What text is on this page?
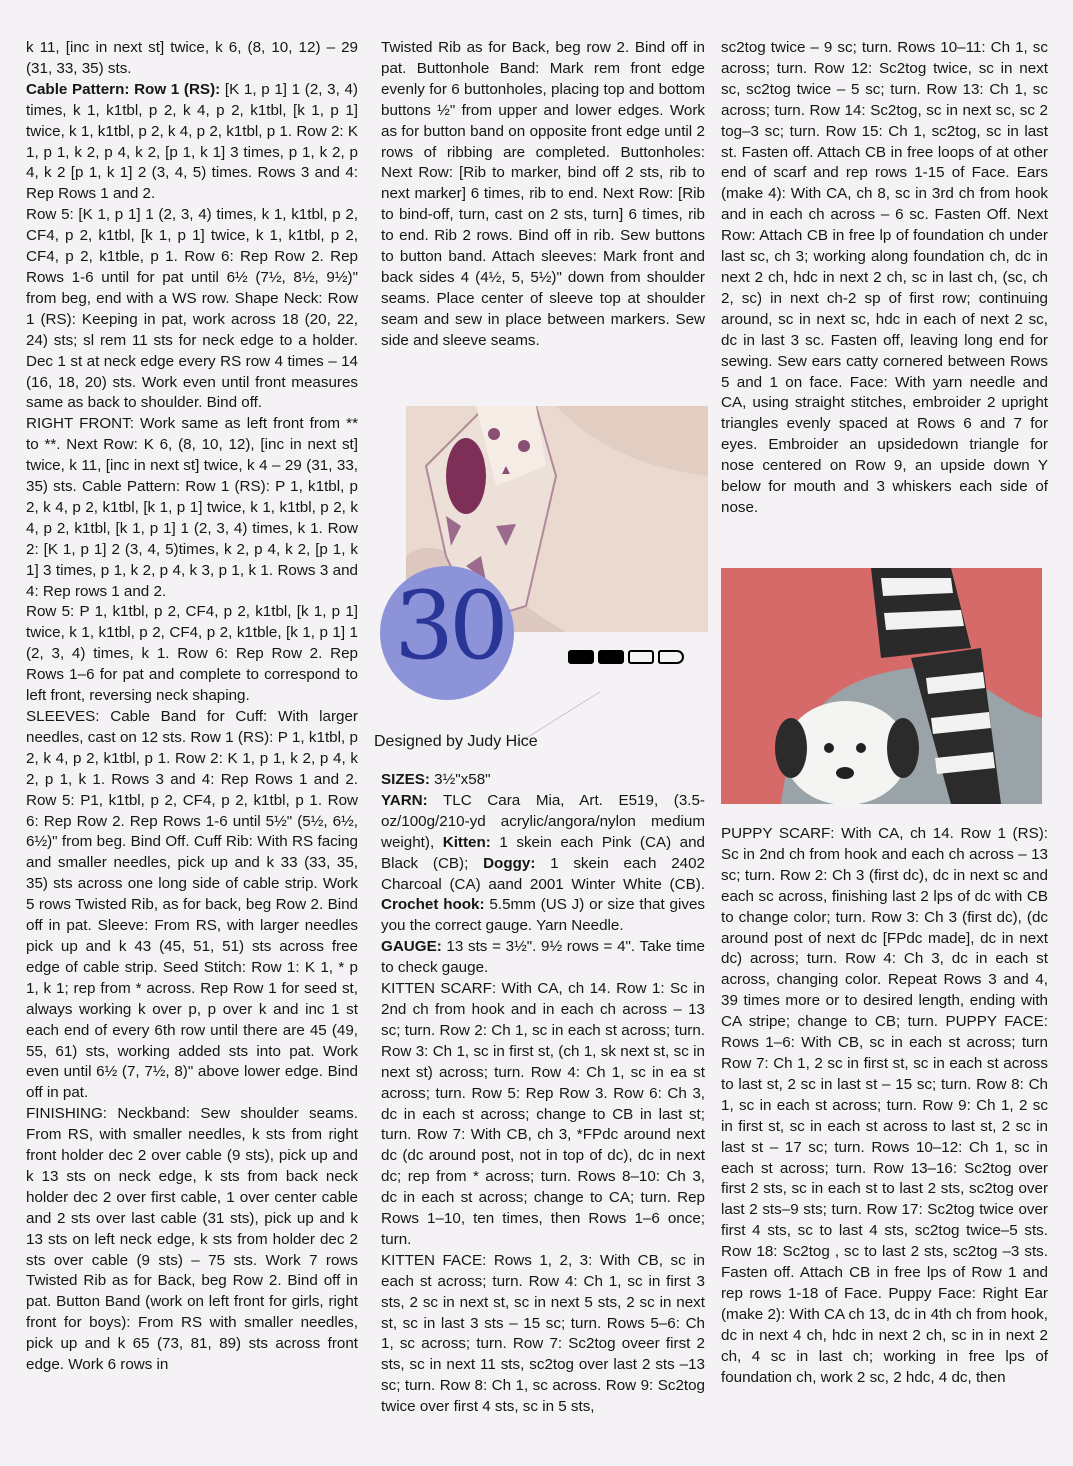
k 11, [inc in next st] twice, k 6, (8, 10, 12) – 29 (31, 33, 35) sts.

Cable Pattern: Row 1 (RS): [K 1, p 1] 1 (2, 3, 4) times, k 1, k1tbl, p 2, k 4, p 2, k1tbl, [k 1, p 1] twice, k 1, k1tbl, p 2, k 4, p 2, k1tbl, p 1. Row 2: K 1, p 1, k 2, p 4, k 2, [p 1, k 1] 3 times, p 1, k 2, p 4, k 2 [p 1, k 1] 2 (3, 4, 5) times. Rows 3 and 4: Rep Rows 1 and 2.

Row 5: [K 1, p 1] 1 (2, 3, 4) times, k 1, k1tbl, p 2, CF4, p 2, k1tbl, [k 1, p 1] twice, k 1, k1tbl, p 2, CF4, p 2, k1tble, p 1. Row 6: Rep Row 2. Rep Rows 1-6 until for pat until 6½ (7½, 8½, 9½)" from beg, end with a WS row. Shape Neck: Row 1 (RS): Keeping in pat, work across 18 (20, 22, 24) sts; sl rem 11 sts for neck edge to a holder. Dec 1 st at neck edge every RS row 4 times – 14 (16, 18, 20) sts. Work even until front measures same as back to shoulder. Bind off.

RIGHT FRONT: Work same as left front from ** to **. Next Row: K 6, (8, 10, 12), [inc in next st] twice, k 11, [inc in next st] twice, k 4 – 29 (31, 33, 35) sts. Cable Pattern: Row 1 (RS): P 1, k1tbl, p 2, k 4, p 2, k1tbl, [k 1, p 1] twice, k 1, k1tbl, p 2, k 4, p 2, k1tbl, [k 1, p 1] 1 (2, 3, 4) times, k 1. Row 2: [K 1, p 1] 2 (3, 4, 5)times, k 2, p 4, k 2, [p 1, k 1] 3 times, p 1, k 2, p 4, k 3, p 1, k 1. Rows 3 and 4: Rep rows 1 and 2.

Row 5: P 1, k1tbl, p 2, CF4, p 2, k1tbl, [k 1, p 1] twice, k 1, k1tbl, p 2, CF4, p 2, k1tble, [k 1, p 1] 1 (2, 3, 4) times, k 1. Row 6: Rep Row 2. Rep Rows 1–6 for pat and complete to correspond to left front, reversing neck shaping.

SLEEVES: Cable Band for Cuff: With larger needles, cast on 12 sts. Row 1 (RS): P 1, k1tbl, p 2, k 4, p 2, k1tbl, p 1. Row 2: K 1, p 1, k 2, p 4, k 2, p 1, k 1. Rows 3 and 4: Rep Rows 1 and 2. Row 5: P1, k1tbl, p 2, CF4, p 2, k1tbl, p 1. Row 6: Rep Row 2. Rep Rows 1-6 until 5½" (5½, 6½, 6½)" from beg. Bind Off. Cuff Rib: With RS facing and smaller needles, pick up and k 33 (33, 35, 35) sts across one long side of cable strip. Work 5 rows Twisted Rib, as for back, beg Row 2. Bind off in pat. Sleeve: From RS, with larger needles pick up and k 43 (45, 51, 51) sts across free edge of cable strip. Seed Stitch: Row 1: K 1, * p 1, k 1; rep from * across. Rep Row 1 for seed st, always working k over p, p over k and inc 1 st each end of every 6th row until there are 45 (49, 55, 61) sts, working added sts into pat. Work even until 6½ (7, 7½, 8)" above lower edge. Bind off in pat.

FINISHING: Neckband: Sew shoulder seams. From RS, with smaller needles, k sts from right front holder dec 2 over cable (9 sts), pick up and k 13 sts on neck edge, k sts from back neck holder dec 2 over first cable, 1 over center cable and 2 sts over last cable (31 sts), pick up and k 13 sts on left neck edge, k sts from holder dec 2 sts over cable (9 sts) – 75 sts. Work 7 rows Twisted Rib as for Back, beg Row 2. Bind off in pat. Button Band (work on left front for girls, right front for boys): From RS with smaller needles, pick up and k 65 (73, 81, 89) sts across front edge. Work 6 rows in

Twisted Rib as for Back, beg row 2. Bind off in pat. Buttonhole Band: Mark rem front edge evenly for 6 buttonholes, placing top and bottom buttons ½" from upper and lower edges. Work as for button band on opposite front edge until 2 rows of ribbing are completed. Buttonholes: Next Row: [Rib to marker, bind off 2 sts, rib to next marker] 6 times, rib to end. Next Row: [Rib to bind-off, turn, cast on 2 sts, turn] 6 times, rib to end. Rib 2 rows. Bind off in rib. Sew buttons to button band. Attach sleeves: Mark front and back sides 4 (4½, 5, 5½)" down from shoulder seams. Place center of sleeve top at shoulder seam and sew in place between markers. Sew side and sleeve seams.

30
Designed by Judy Hice

SIZES: 3½"x58"

YARN: TLC Cara Mia, Art. E519, (3.5-oz/100g/210-yd acrylic/angora/nylon medium weight), Kitten: 1 skein each Pink (CA) and Black (CB); Doggy: 1 skein each 2402 Charcoal (CA) aand 2001 Winter White (CB). Crochet hook: 5.5mm (US J) or size that gives you the correct gauge. Yarn Needle.

GAUGE: 13 sts = 3½". 9½ rows = 4". Take time to check gauge.

KITTEN SCARF: With CA, ch 14. Row 1: Sc in 2nd ch from hook and in each ch across – 13 sc; turn. Row 2: Ch 1, sc in each st across; turn. Row 3: Ch 1, sc in first st, (ch 1, sk next st, sc in next st) across; turn. Row 4: Ch 1, sc in ea st across; turn. Row 5: Rep Row 3. Row 6: Ch 3, dc in each st across; change to CB in last st; turn. Row 7: With CB, ch 3, *FPdc around next dc (dc around post, not in top of dc), dc in next dc; rep from * across; turn. Rows 8–10: Ch 3, dc in each st across; change to CA; turn. Rep Rows 1–10, ten times, then Rows 1–6 once; turn.

KITTEN FACE: Rows 1, 2, 3: With CB, sc in each st across; turn. Row 4: Ch 1, sc in first 3 sts, 2 sc in next st, sc in next 5 sts, 2 sc in next st, sc in last 3 sts – 15 sc; turn. Rows 5–6: Ch 1, sc across; turn. Row 7: Sc2tog oveer first 2 sts, sc in next 11 sts, sc2tog over last 2 sts –13 sc; turn. Row 8: Ch 1, sc across. Row 9: Sc2tog twice over first 4 sts, sc in 5 sts,

sc2tog twice – 9 sc; turn. Rows 10–11: Ch 1, sc across; turn. Row 12: Sc2tog twice, sc in next sc, sc2tog twice – 5 sc; turn. Row 13: Ch 1, sc across; turn. Row 14: Sc2tog, sc in next sc, sc 2 tog–3 sc; turn. Row 15: Ch 1, sc2tog, sc in last st. Fasten off. Attach CB in free loops of at other end of scarf and rep rows 1-15 of Face. Ears (make 4): With CA, ch 8, sc in 3rd ch from hook and in each ch across – 6 sc. Fasten Off. Next Row: Attach CB in free lp of foundation ch under last sc, ch 3; working along foundation ch, dc in next 2 ch, hdc in next 2 ch, sc in last ch, (sc, ch 2, sc) in next ch-2 sp of first row; continuing around, sc in next sc, hdc in each of next 2 sc, dc in last 3 sc. Fasten off, leaving long end for sewing. Sew ears catty cornered between Rows 5 and 1 on face. Face: With yarn needle and CA, using straight stitches, embroider 2 upright triangles evenly spaced at Rows 6 and 7 for eyes. Embroider an upsidedown triangle for nose centered on Row 9, an upside down Y below for mouth and 3 whiskers each side of nose.

PUPPY SCARF: With CA, ch 14. Row 1 (RS): Sc in 2nd ch from hook and each ch across – 13 sc; turn. Row 2: Ch 3 (first dc), dc in next sc and each sc across, finishing last 2 lps of dc with CB to change color; turn. Row 3: Ch 3 (first dc), (dc around post of next dc [FPdc made], dc in next dc) across; turn. Row 4: Ch 3, dc in each st across, changing color. Repeat Rows 3 and 4, 39 times more or to desired length, ending with CA stripe; change to CB; turn. PUPPY FACE: Rows 1–6: With CB, sc in each st across; turn Row 7: Ch 1, 2 sc in first st, sc in each st across to last st, 2 sc in last st – 15 sc; turn. Row 8: Ch 1, sc in each st across; turn. Row 9: Ch 1, 2 sc in first st, sc in each st across to last st, 2 sc in last st – 17 sc; turn. Rows 10–12: Ch 1, sc in each st across; turn. Row 13–16: Sc2tog over first 2 sts, sc in each st to last 2 sts, sc2tog over last 2 sts–9 sts; turn. Row 17: Sc2tog twice over first 4 sts, sc to last 4 sts, sc2tog twice–5 sts. Row 18: Sc2tog , sc to last 2 sts, sc2tog –3 sts. Fasten off. Attach CB in free lps of Row 1 and rep rows 1-18 of Face. Puppy Face: Right Ear (make 2): With CA ch 13, dc in 4th ch from hook, dc in next 4 ch, hdc in next 2 ch, sc in in next 2 ch, 4 sc in last ch; working in free lps of foundation ch, work 2 sc, 2 hdc, 4 dc, then
